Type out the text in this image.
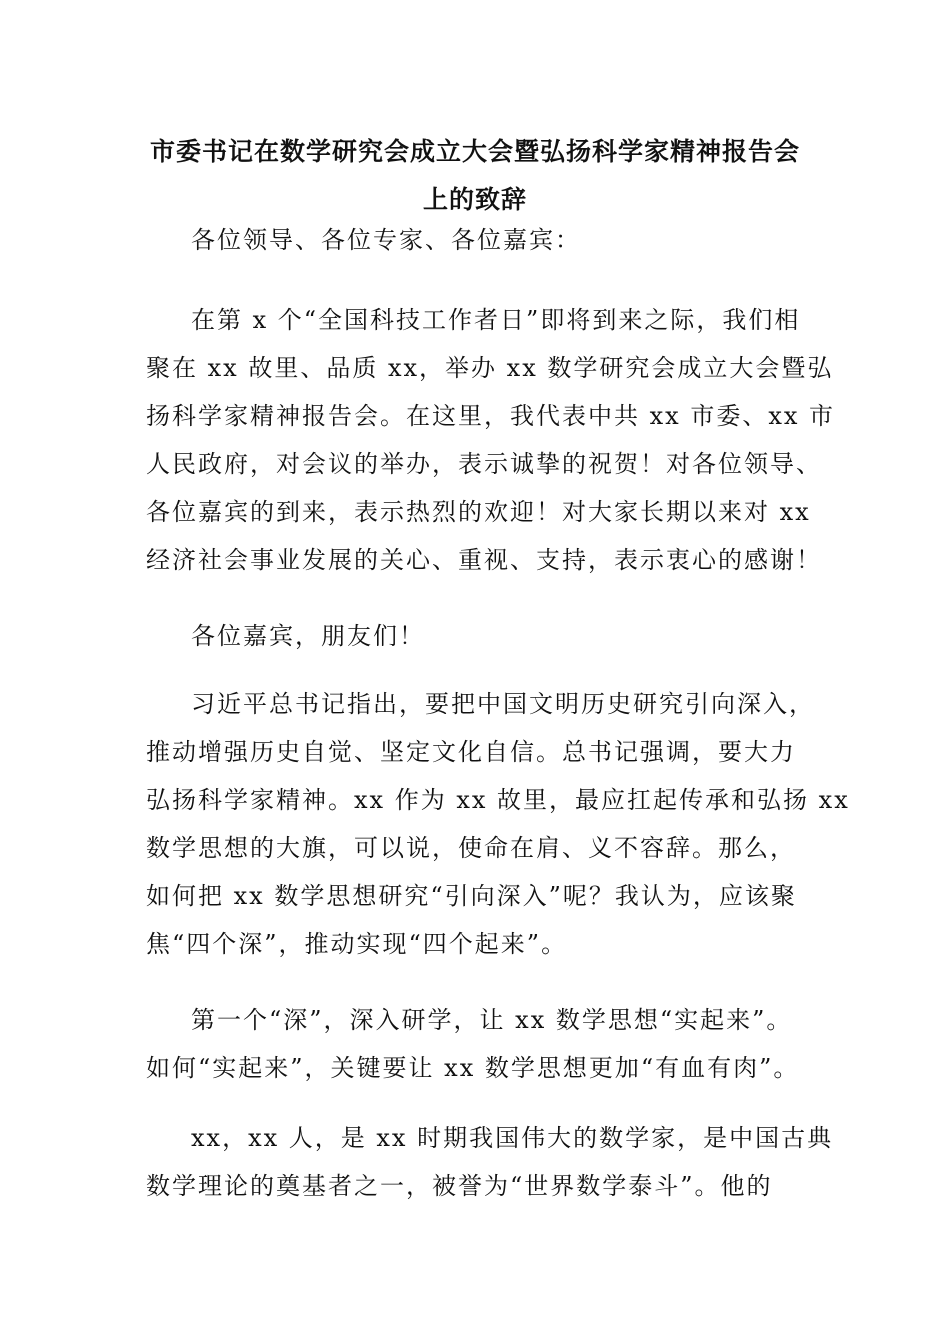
市委书记在数学研究会成立大会暨弘扬科学家精神报告会
上的致辞
各位领导、各位专家、各位嘉宾：
在第 x 个“全国科技工作者日”即将到来之际，我们相
聚在 xx 故里、品质 xx，举办 xx 数学研究会成立大会暨弘
扬科学家精神报告会。在这里，我代表中共 xx 市委、xx 市
人民政府，对会议的举办，表示诚挚的祝贺！对各位领导、
各位嘉宾的到来，表示热烈的欢迎！对大家长期以来对 xx
经济社会事业发展的关心、重视、支持，表示衷心的感谢！
各位嘉宾，朋友们！
习近平总书记指出，要把中国文明历史研究引向深入，
推动增强历史自觉、坚定文化自信。总书记强调，要大力
弘扬科学家精神。xx 作为 xx 故里，最应扛起传承和弘扬 xx
数学思想的大旗，可以说，使命在肩、义不容辞。那么，
如何把 xx 数学思想研究“引向深入”呢？我认为，应该聚
焦“四个深”，推动实现“四个起来”。
第一个“深”，深入研学，让 xx 数学思想“实起来”。
如何“实起来”，关键要让 xx 数学思想更加“有血有肉”。
xx，xx 人，是 xx 时期我国伟大的数学家，是中国古典
数学理论的奠基者之一，被誉为“世界数学泰斗”。他的
